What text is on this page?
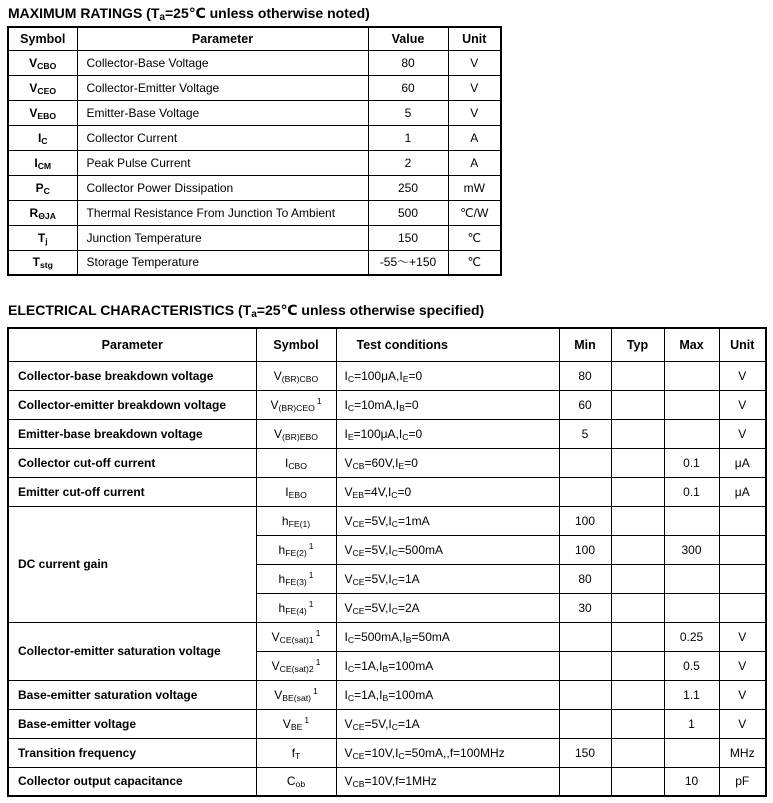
MAXIMUM RATINGS ($T_a=25℃$ unless otherwise noted)
Symbol	Parameter	Value	Unit
$V_{CBO}$	Collector-Base Voltage	80	V
$V_{CEO}$	Collector-Emitter Voltage	60	V
$V_{EBO}$	Emitter-Base Voltage	5	V
$I_C$	Collector Current	1	A
$I_{CM}$	Peak Pulse Current	2	A
$P_C$	Collector Power Dissipation	250	mW
$R_{\Theta JA}$	Thermal Resistance From Junction To Ambient	500	℃/W
$T_j$	Junction Temperature	150	℃
$T_{stg}$	Storage Temperature	-55～+150	℃
ELECTRICAL CHARACTERISTICS ($T_a=25℃$ unless otherwise specified)
Parameter	Symbol	Test conditions	Min	Typ	Max	Unit
Collector-base breakdown voltage	$V_{(BR)CBO}$	$I_C=100\mu A,I_E=0$	80			V
Collector-emitter breakdown voltage	$V_{(BR)CEO}^1$	$I_C=10mA,I_B=0$	60			V
Emitter-base breakdown voltage	$V_{(BR)EBO}$	$I_E=100\mu A,I_C=0$	5			V
Collector cut-off current	$I_{CBO}$	$V_{CB}=60V,I_E=0$			0.1	μA
Emitter cut-off current	$I_{EBO}$	$V_{EB}=4V,I_C=0$			0.1	μA
DC current gain	$h_{FE(1)}$	$V_{CE}=5V,I_C=1mA$	100			
	$h_{FE(2)}^1$	$V_{CE}=5V,I_C=500mA$	100		300	
	$h_{FE(3)}^1$	$V_{CE}=5V,I_C=1A$	80			
	$h_{FE(4)}^1$	$V_{CE}=5V,I_C=2A$	30			
Collector-emitter saturation voltage	$V_{CE(sat)1}^1$	$I_C=500mA,I_B=50mA$			0.25	V
	$V_{CE(sat)2}^1$	$I_C=1A,I_B=100mA$			0.5	V
Base-emitter saturation voltage	$V_{BE(sat)}^1$	$I_C=1A,I_B=100mA$			1.1	V
Base-emitter voltage	$V_{BE}^1$	$V_{CE}=5V,I_C=1A$			1	V
Transition frequency	$f_T$	$V_{CE}=10V,I_C=50mA,,f=100MHz$	150			MHz
Collector output capacitance	$C_{ob}$	$V_{CB}=10V,f=1MHz$			10	pF
